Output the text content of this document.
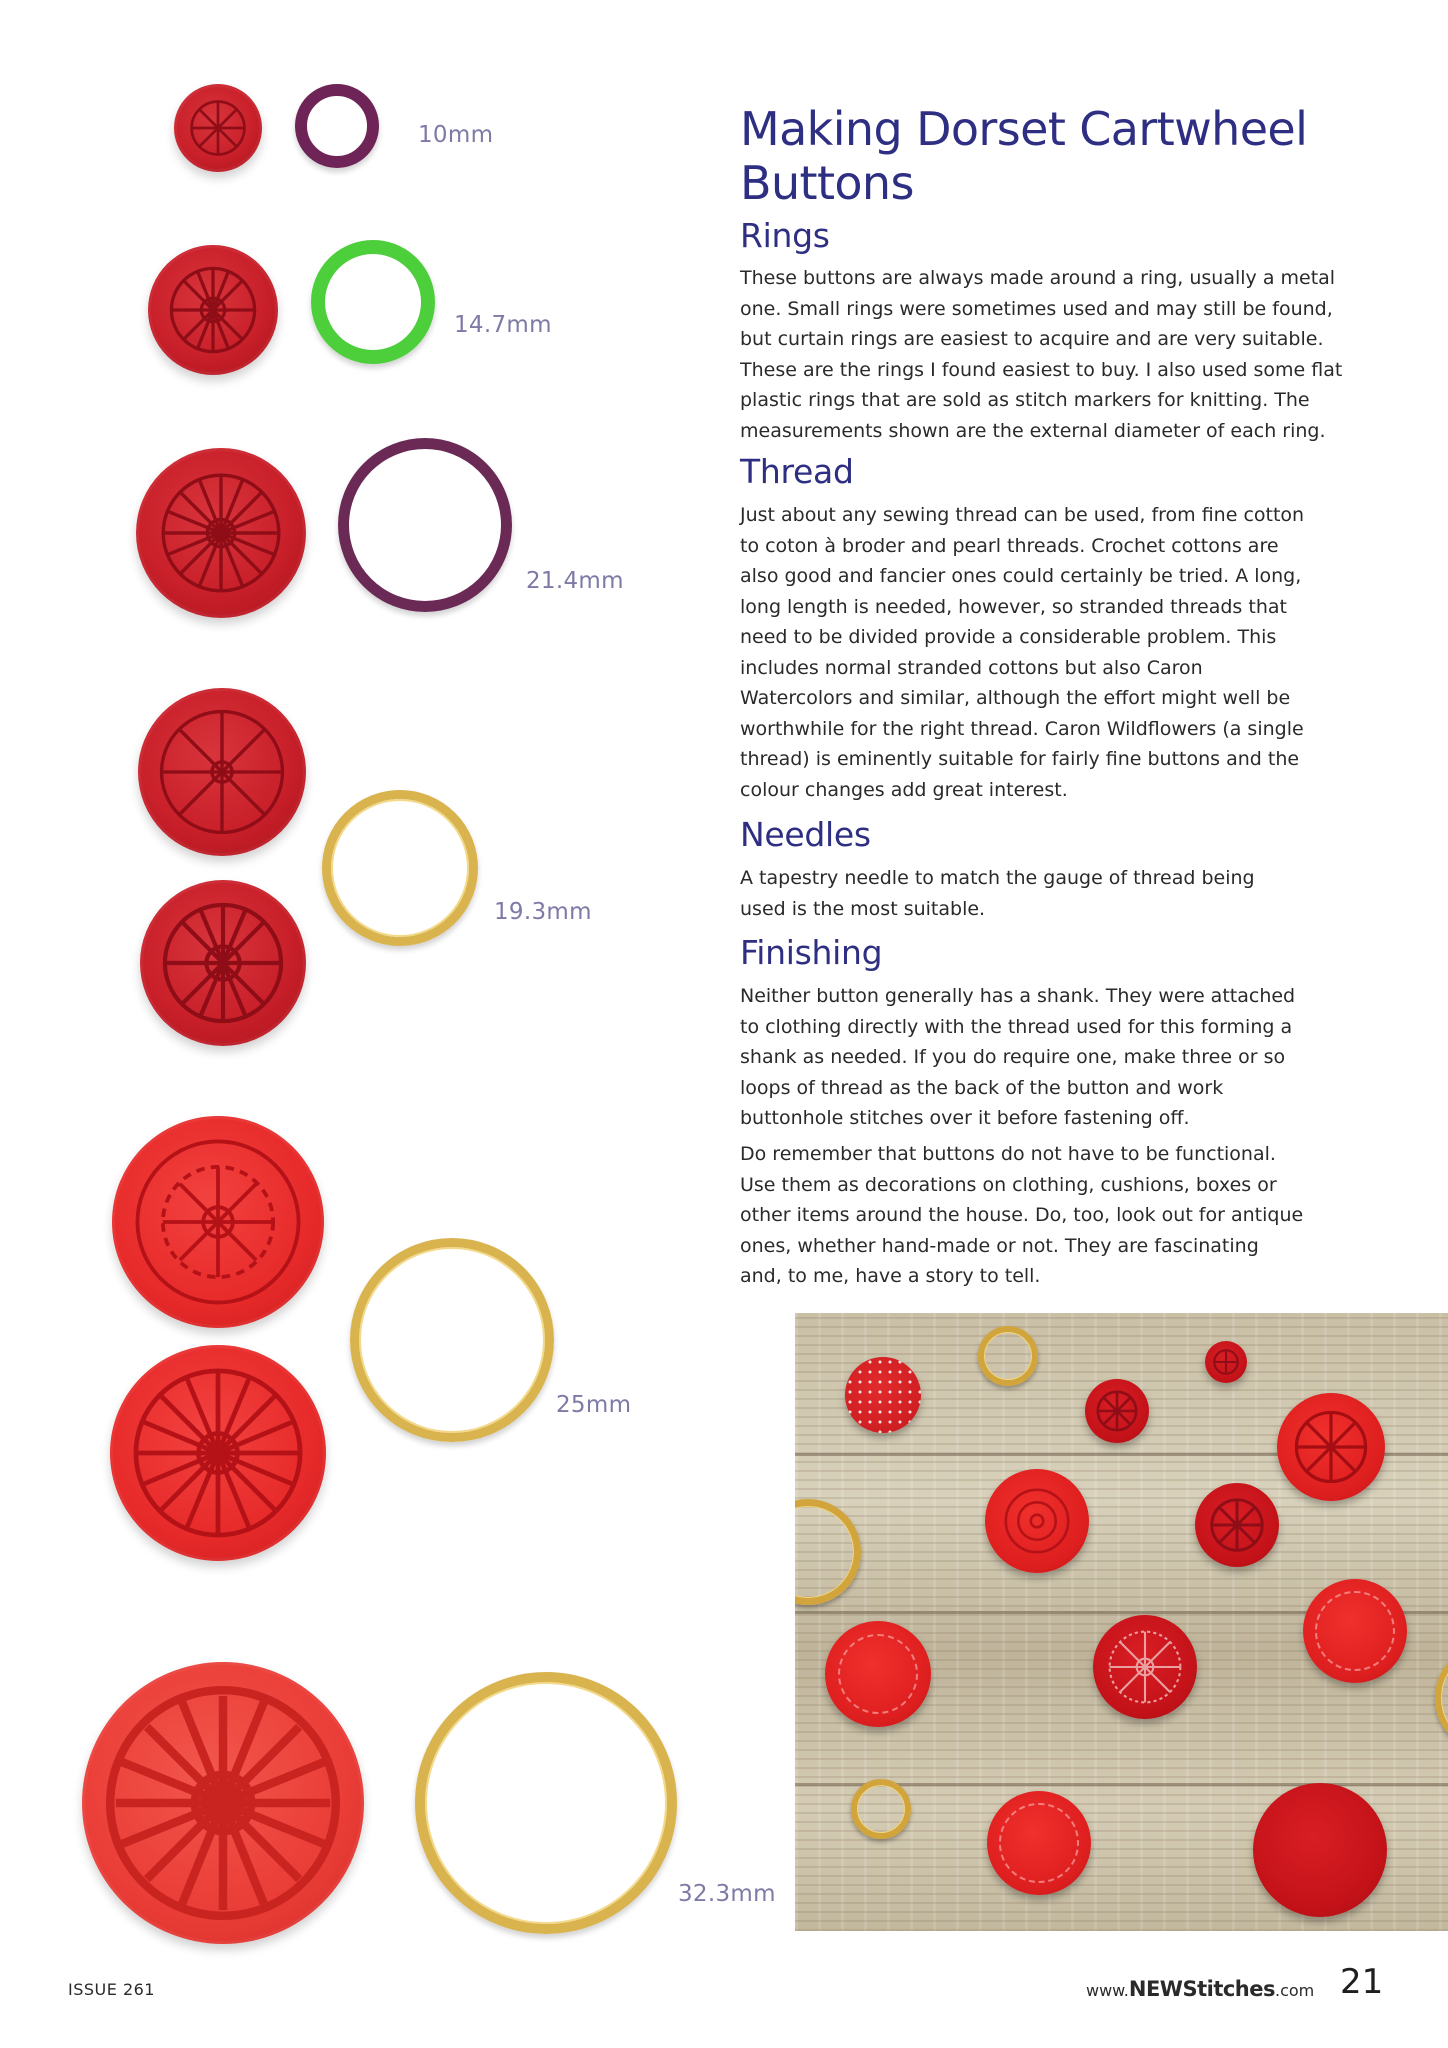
10mm
14.7mm
21.4mm
19.3mm
25mm
32.3mm
Making Dorset Cartwheel Buttons
Rings

These buttons are always made around a ring, usually a metal one. Small rings were sometimes used and may still be found, but curtain rings are easiest to acquire and are very suitable. These are the rings I found easiest to buy. I also used some flat plastic rings that are sold as stitch markers for knitting. The measurements shown are the external diameter of each ring.

Thread

Just about any sewing thread can be used, from fine cotton to coton à broder and pearl threads. Crochet cottons are also good and fancier ones could certainly be tried. A long, long length is needed, however, so stranded threads that need to be divided provide a considerable problem. This includes normal stranded cottons but also Caron Watercolors and similar, although the effort might well be worthwhile for the right thread. Caron Wildflowers (a single thread) is eminently suitable for fairly fine buttons and the colour changes add great interest.

Needles

A tapestry needle to match the gauge of thread being used is the most suitable.

Finishing

Neither button generally has a shank. They were attached to clothing directly with the thread used for this forming a shank as needed. If you do require one, make three or so loops of thread as the back of the button and work buttonhole stitches over it before fastening off.

Do remember that buttons do not have to be functional. Use them as decorations on clothing, cushions, boxes or other items around the house. Do, too, look out for antique ones, whether hand-made or not. They are fascinating and, to me, have a story to tell.

ISSUE 261	www.NEWStitches.com 21
